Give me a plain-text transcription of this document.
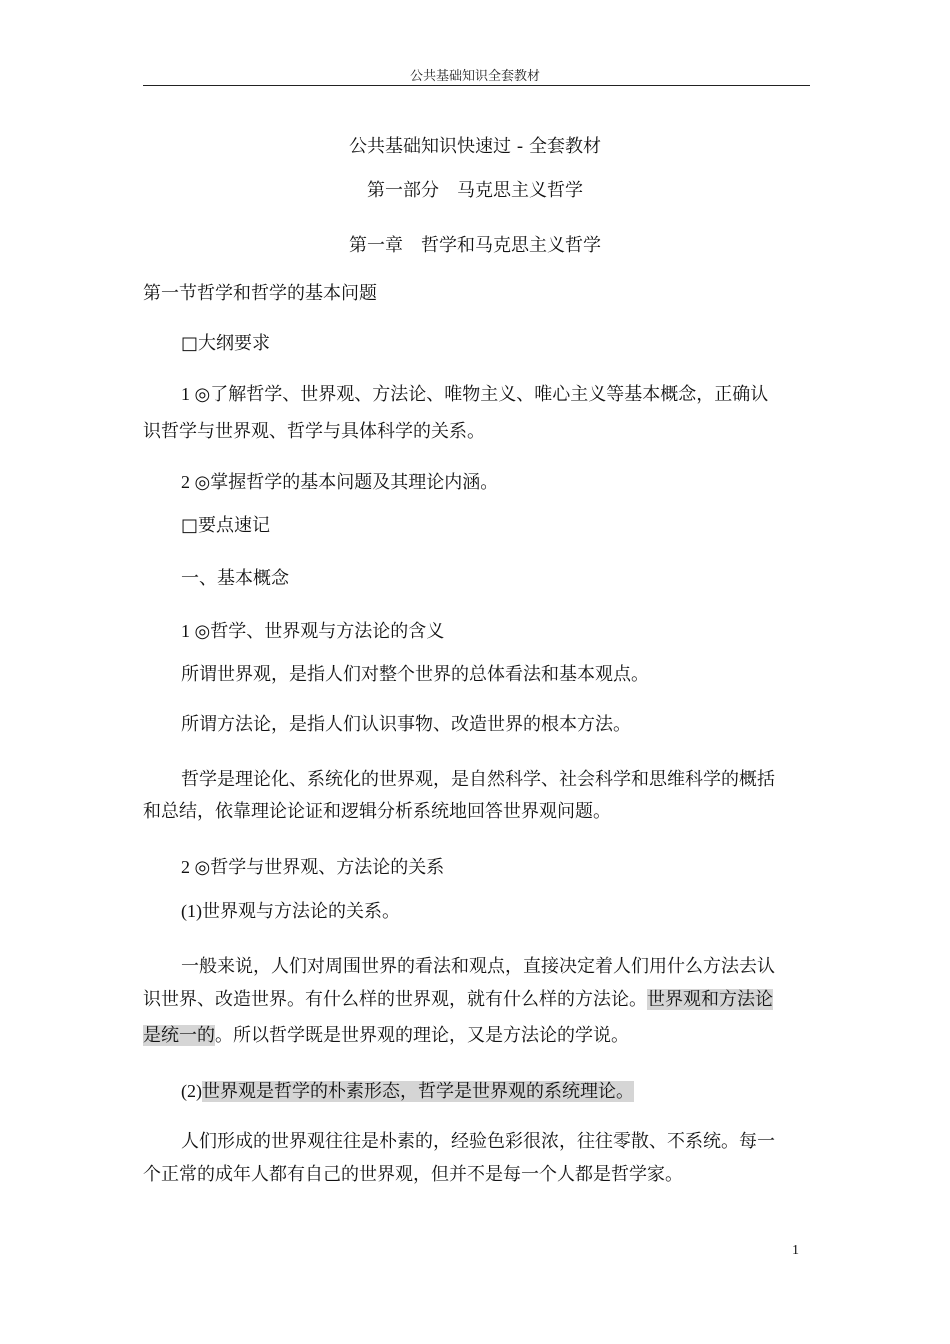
公共基础知识全套教材
公共基础知识快速过 - 全套教材
第一部分　马克思主义哲学
第一章　哲学和马克思主义哲学
第一节哲学和哲学的基本问题
□大纲要求
1 ◎了解哲学、世界观、方法论、唯物主义、唯心主义等基本概念，正确认
识哲学与世界观、哲学与具体科学的关系。
2 ◎掌握哲学的基本问题及其理论内涵。
□要点速记
一、基本概念
1 ◎哲学、世界观与方法论的含义
所谓世界观，是指人们对整个世界的总体看法和基本观点。
所谓方法论，是指人们认识事物、改造世界的根本方法。
哲学是理论化、系统化的世界观，是自然科学、社会科学和思维科学的概括
和总结，依靠理论论证和逻辑分析系统地回答世界观问题。
2 ◎哲学与世界观、方法论的关系
(1)世界观与方法论的关系。
一般来说，人们对周围世界的看法和观点，直接决定着人们用什么方法去认
识世界、改造世界。有什么样的世界观，就有什么样的方法论。世界观和方法论
是统一的。所以哲学既是世界观的理论，又是方法论的学说。
(2)世界观是哲学的朴素形态，哲学是世界观的系统理论。
人们形成的世界观往往是朴素的，经验色彩很浓，往往零散、不系统。每一
个正常的成年人都有自己的世界观，但并不是每一个人都是哲学家。
1
